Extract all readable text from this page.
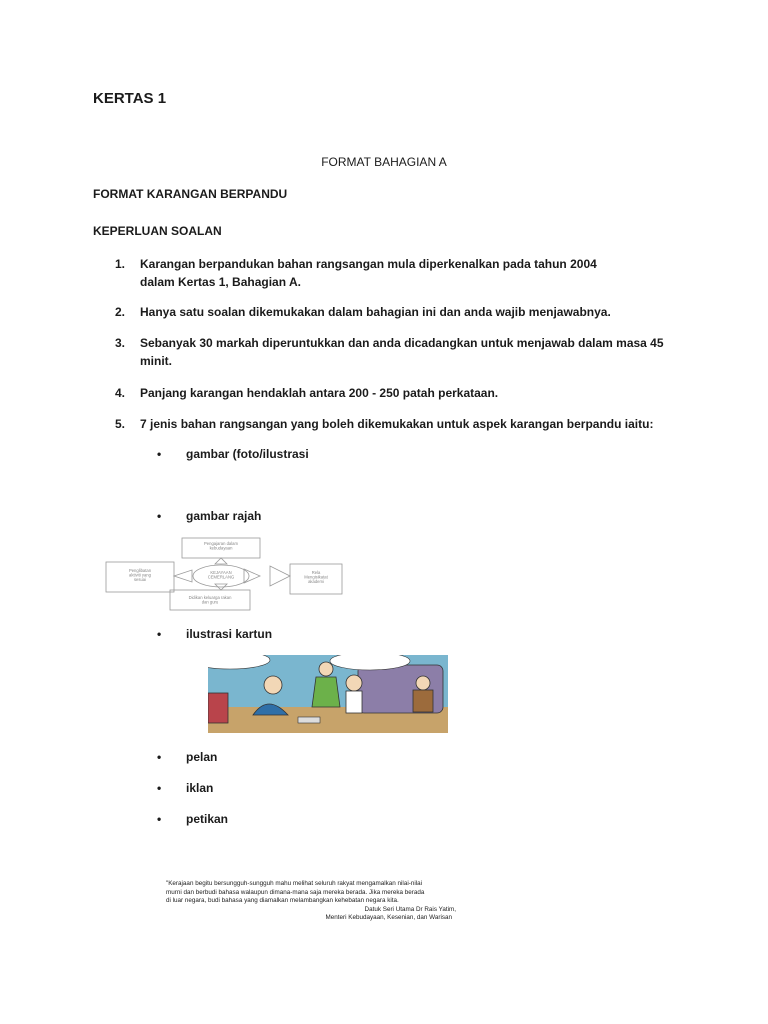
KERTAS 1
FORMAT BAHAGIAN A
FORMAT KARANGAN BERPANDU
KEPERLUAN SOALAN
1.	Karangan berpandukan bahan rangsangan mula diperkenalkan pada tahun 2004
dalam Kertas 1, Bahagian A.
2.	Hanya satu soalan dikemukakan dalam bahagian ini dan anda wajib menjawabnya.
3.	Sebanyak 30 markah diperuntukkan dan anda dicadangkan untuk menjawab dalam masa 45
minit.
4.	Panjang karangan hendaklah antara 200 - 250 patah perkataan.
5.	7 jenis bahan rangsangan yang boleh dikemukakan untuk aspek karangan berpandu iaitu:
• gambar (foto/ilustrasi
• gambar rajah
KEJAYAAN CEMERLANG
Pengajaran dalam kebudayaan
Penglibatan aktiviti yang sesuai
Rela Mengisikatat akademi
Didikan keluarga rakan dan guru
• ilustrasi kartun
• pelan
• iklan
• petikan
"Kerajaan begitu bersungguh-sungguh mahu melihat seluruh rakyat mengamalkan nilai-nilai
murni dan berbudi bahasa walaupun dimana-mana saja mereka berada. Jika mereka berada
di luar negara, budi bahasa yang diamalkan melambangkan kehebatan negara kita.
Datuk Seri Utama Dr Rais Yatim,
Menteri Kebudayaan, Kesenian, dan Warisan
